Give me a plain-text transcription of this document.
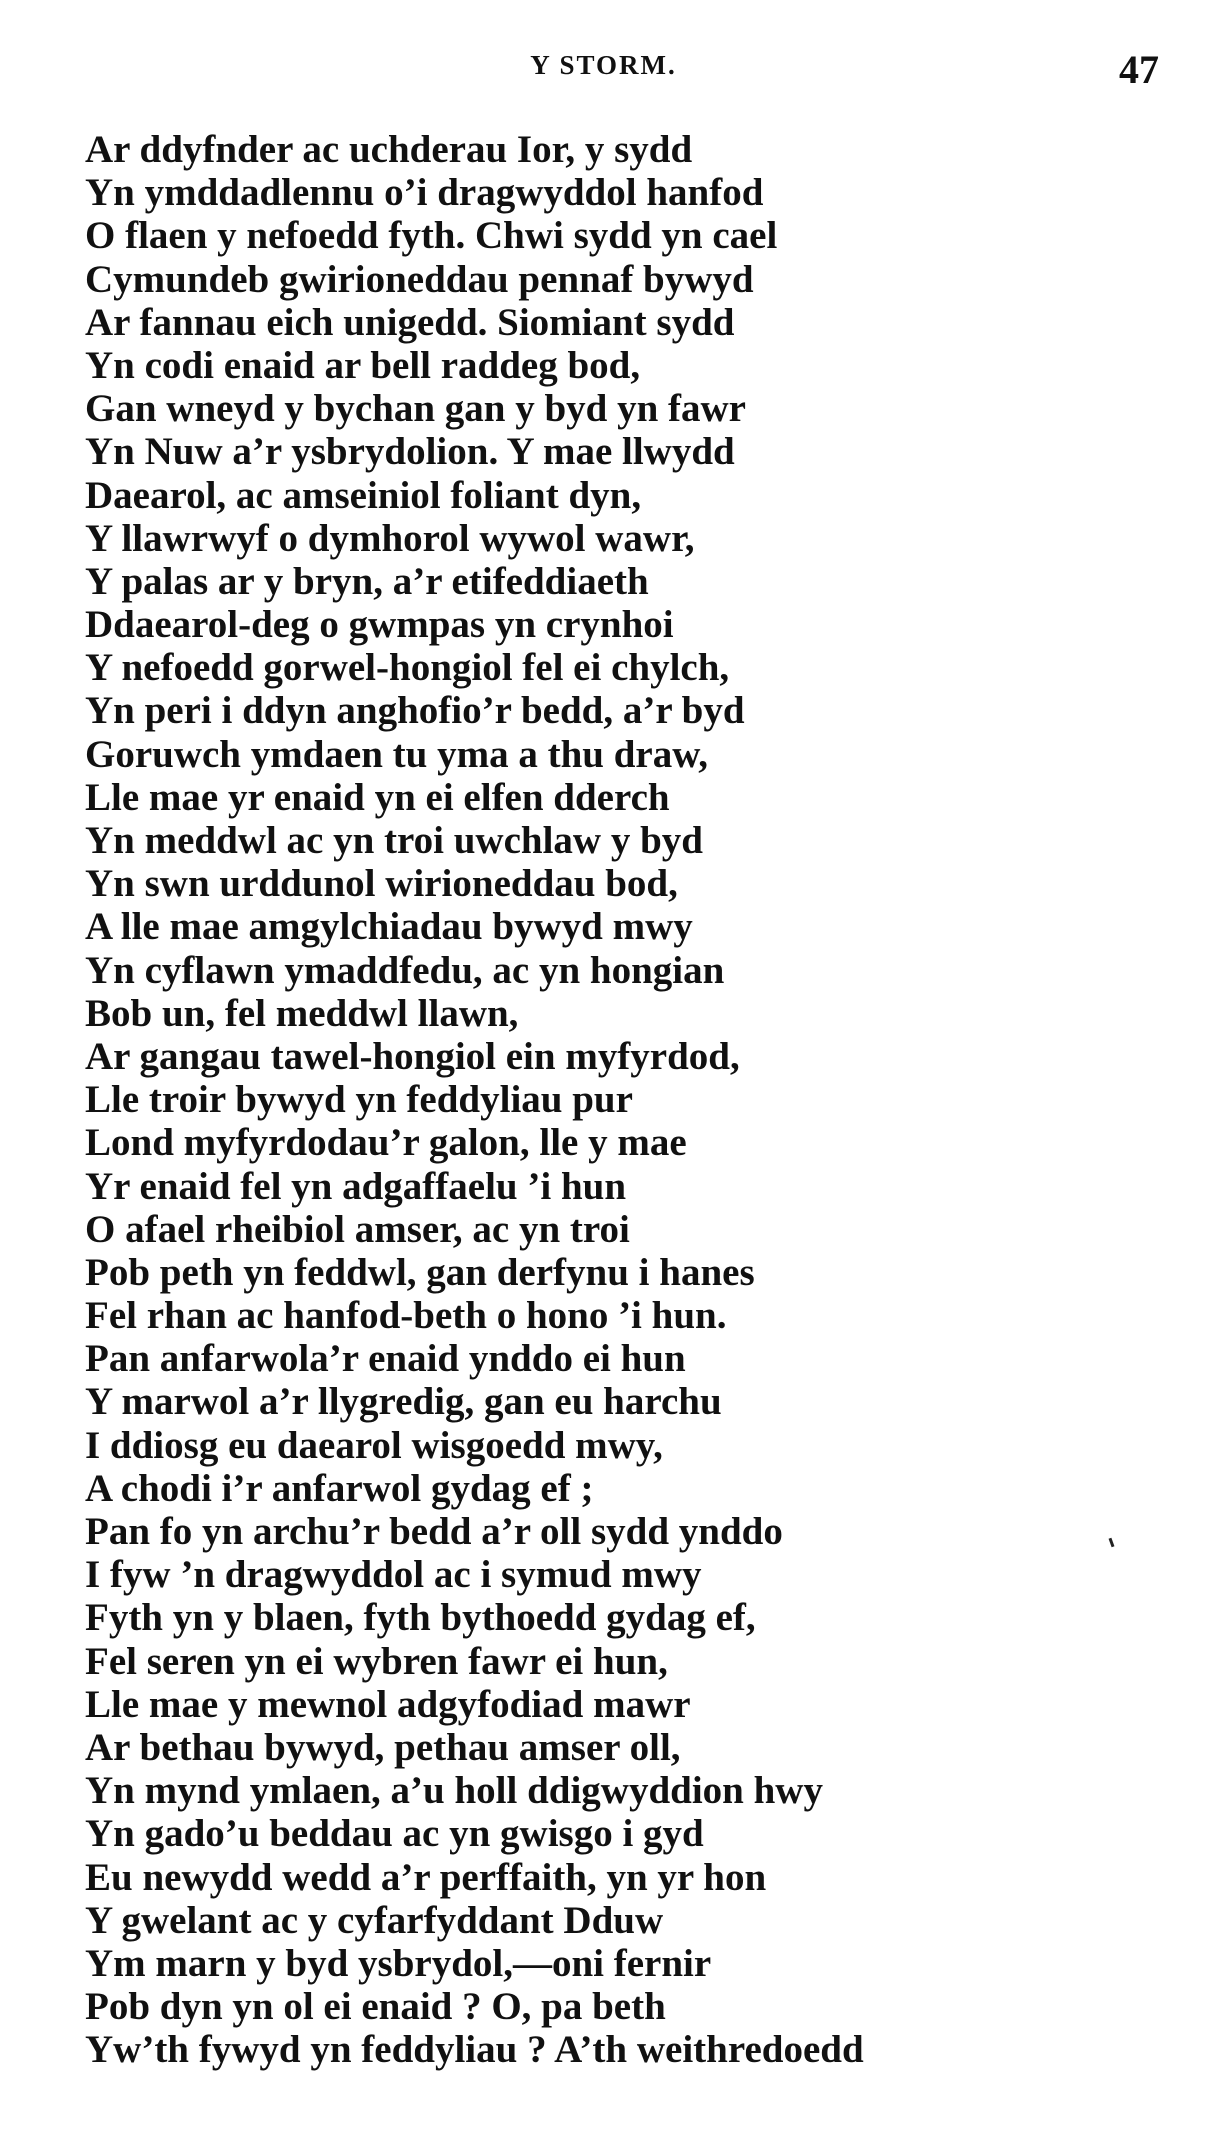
Y STORM.	47
Ar ddyfnder ac uchderau Ior, y sydd
Yn ymddadlennu o’i dragwyddol hanfod
O flaen y nefoedd fyth. Chwi sydd yn cael
Cymundeb gwirioneddau pennaf bywyd
Ar fannau eich unigedd. Siomiant sydd
Yn codi enaid ar bell raddeg bod,
Gan wneyd y bychan gan y byd yn fawr
Yn Nuw a’r ysbrydolion. Y mae llwydd
Daearol, ac amseiniol foliant dyn,
Y llawrwyf o dymhorol wywol wawr,
Y palas ar y bryn, a’r etifeddiaeth
Ddaearol-deg o gwmpas yn crynhoi
Y nefoedd gorwel-hongiol fel ei chylch,
Yn peri i ddyn anghofio’r bedd, a’r byd
Goruwch ymdaen tu yma a thu draw,
Lle mae yr enaid yn ei elfen dderch
Yn meddwl ac yn troi uwchlaw y byd
Yn swn urddunol wirioneddau bod,
A lle mae amgylchiadau bywyd mwy
Yn cyflawn ymaddfedu, ac yn hongian
Bob un, fel meddwl llawn,
Ar gangau tawel-hongiol ein myfyrdod,
Lle troir bywyd yn feddyliau pur
Lond myfyrdodau’r galon, lle y mae
Yr enaid fel yn adgaffaelu ’i hun
O afael rheibiol amser, ac yn troi
Pob peth yn feddwl, gan derfynu i hanes
Fel rhan ac hanfod-beth o hono ’i hun.
Pan anfarwola’r enaid ynddo ei hun
Y marwol a’r llygredig, gan eu harchu
I ddiosg eu daearol wisgoedd mwy,
A chodi i’r anfarwol gydag ef ;
Pan fo yn archu’r bedd a’r oll sydd ynddo
I fyw ’n dragwyddol ac i symud mwy
Fyth yn y blaen, fyth bythoedd gydag ef,
Fel seren yn ei wybren fawr ei hun,
Lle mae y mewnol adgyfodiad mawr
Ar bethau bywyd, pethau amser oll,
Yn mynd ymlaen, a’u holl ddigwyddion hwy
Yn gado’u beddau ac yn gwisgo i gyd
Eu newydd wedd a’r perffaith, yn yr hon
Y gwelant ac y cyfarfyddant Dduw
Ym marn y byd ysbrydol,—oni fernir
Pob dyn yn ol ei enaid ? O, pa beth
Yw’th fywyd yn feddyliau ? A’th weithredoedd
